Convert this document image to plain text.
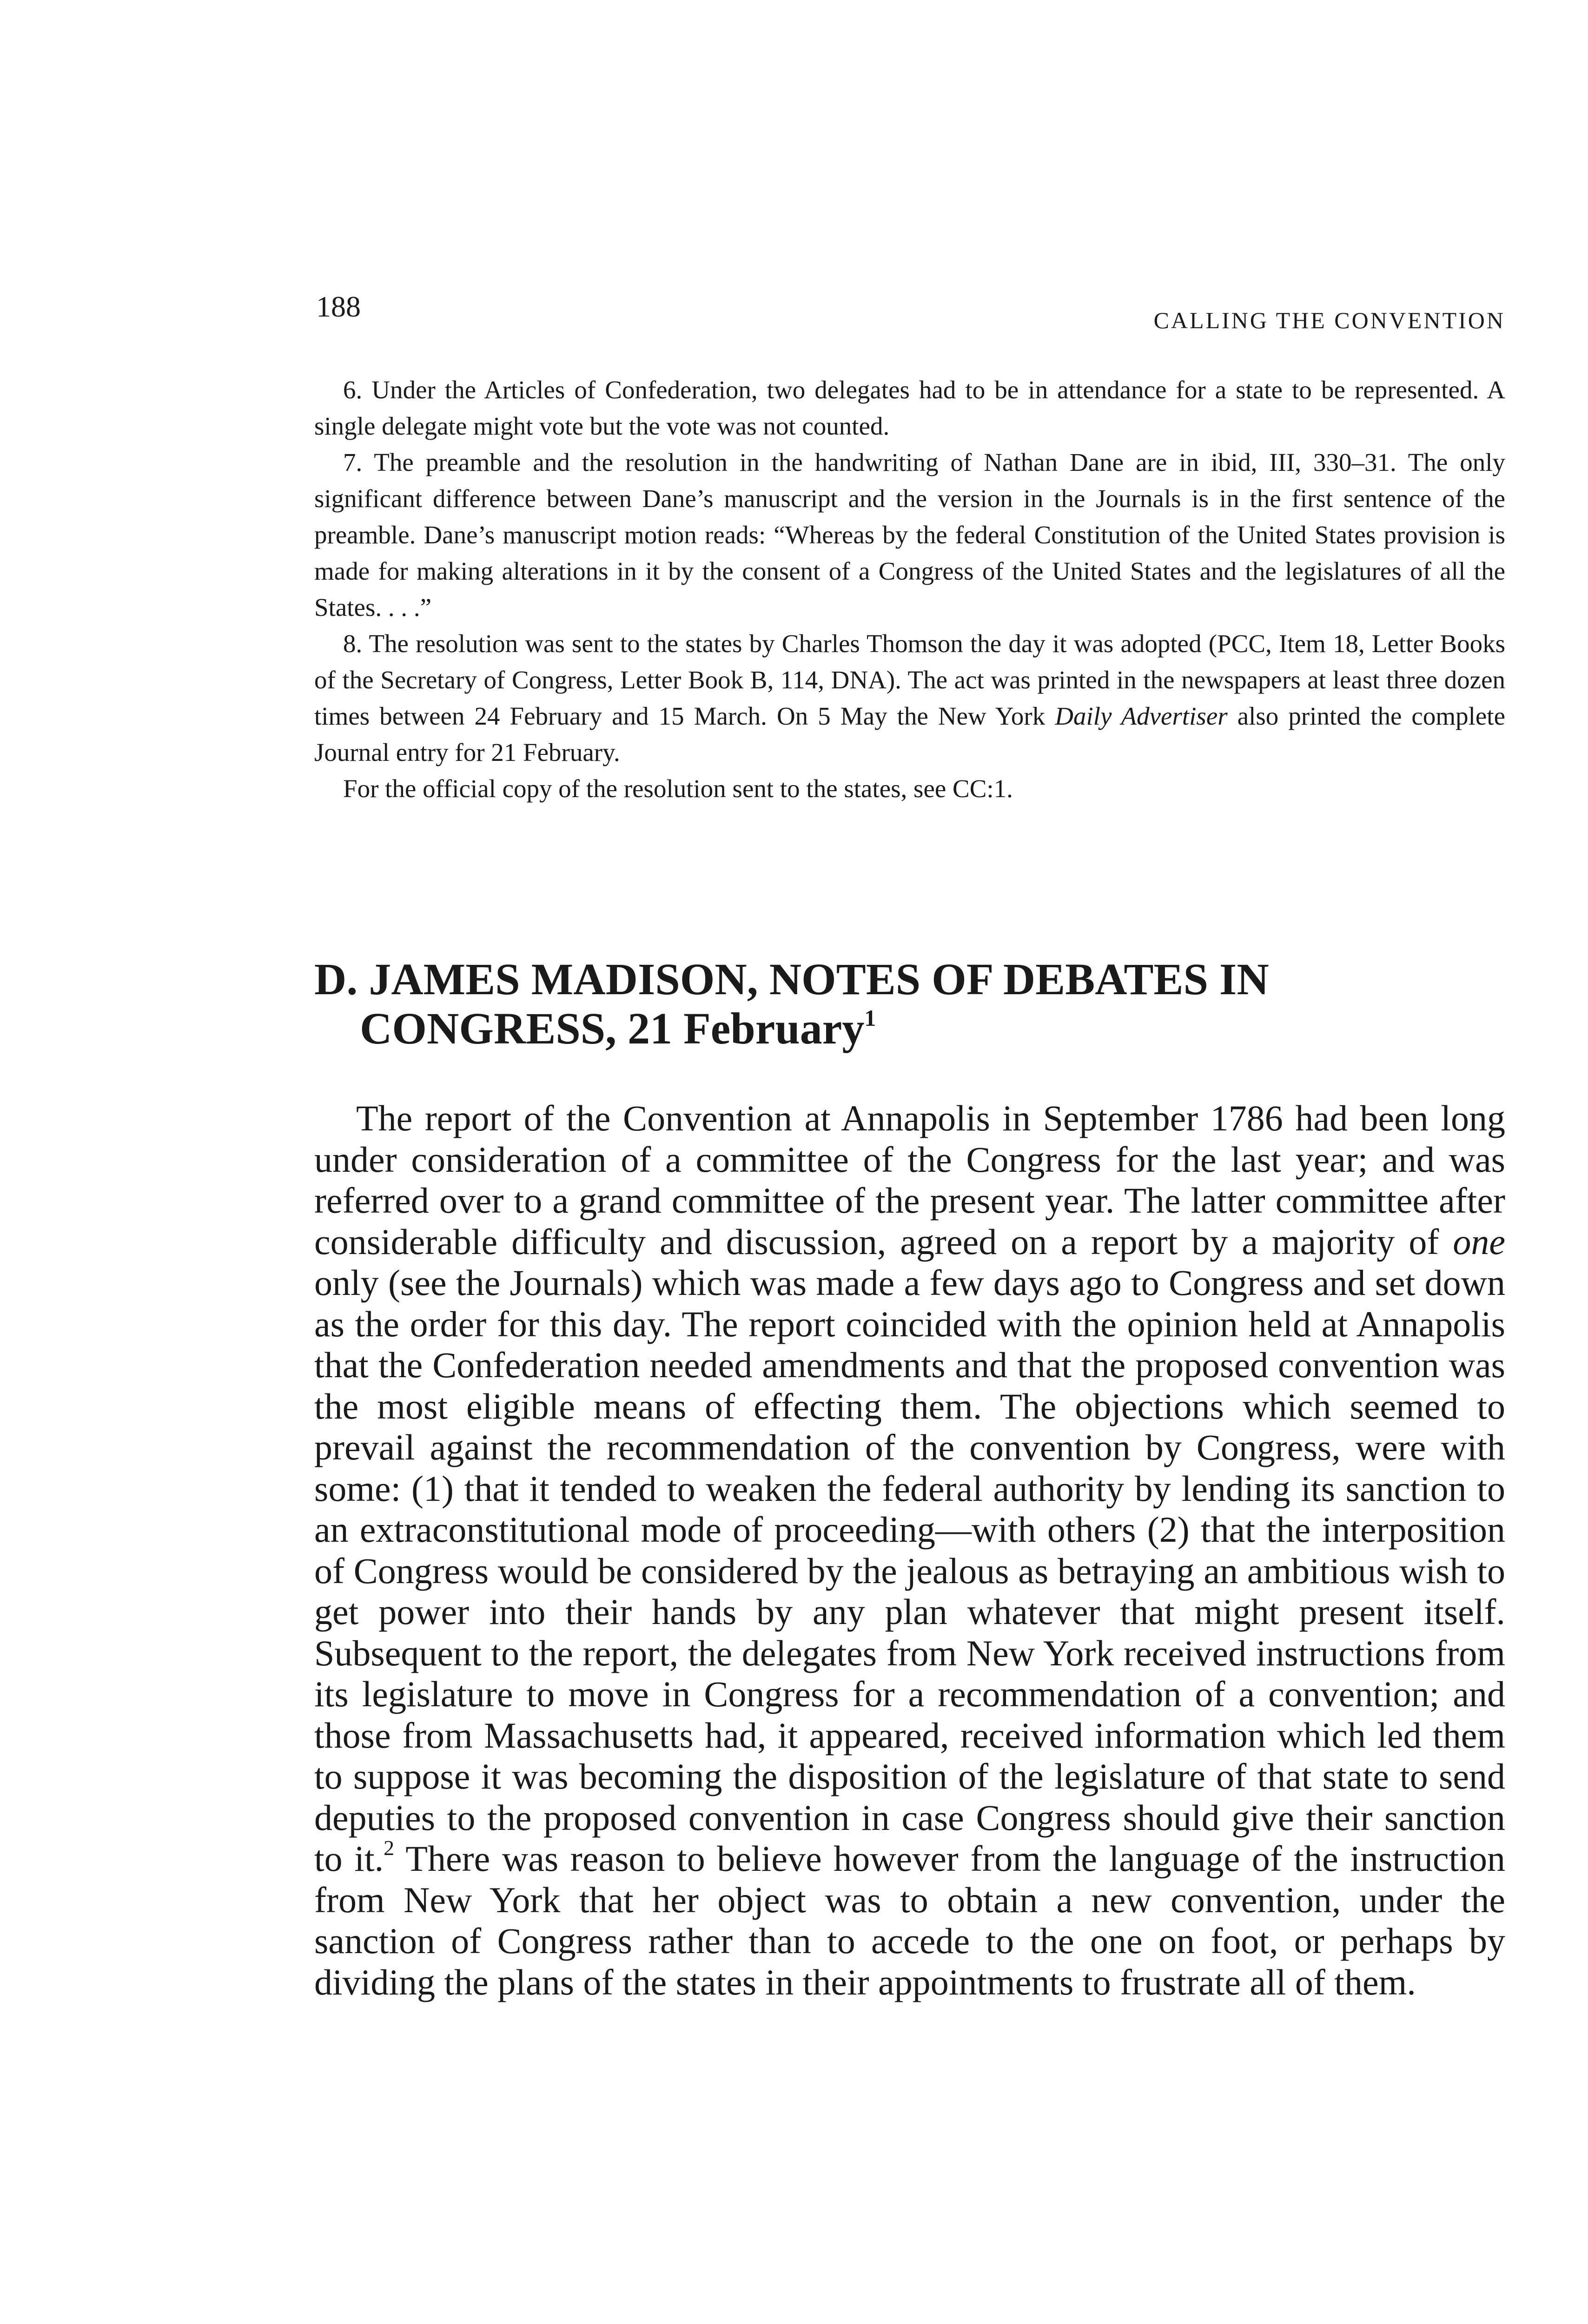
188	CALLING THE CONVENTION

6. Under the Articles of Confederation, two delegates had to be in attendance for a state to be represented. A single delegate might vote but the vote was not counted.

7. The preamble and the resolution in the handwriting of Nathan Dane are in ibid, III, 330–31. The only significant difference between Dane’s manuscript and the version in the Journals is in the first sentence of the preamble. Dane’s manuscript motion reads: “Whereas by the federal Constitution of the United States provision is made for making alterations in it by the consent of a Congress of the United States and the legislatures of all the States. . . .”

8. The resolution was sent to the states by Charles Thomson the day it was adopted (PCC, Item 18, Letter Books of the Secretary of Congress, Letter Book B, 114, DNA). The act was printed in the newspapers at least three dozen times between 24 February and 15 March. On 5 May the New York Daily Advertiser also printed the complete Journal entry for 21 February.

For the official copy of the resolution sent to the states, see CC:1.

D. JAMES MADISON, NOTES OF DEBATES IN
CONGRESS, 21 February$^1$

The report of the Convention at Annapolis in September 1786 had been long under consideration of a committee of the Congress for the last year; and was referred over to a grand committee of the present year. The latter committee after considerable difficulty and discussion, agreed on a report by a majority of one only (see the Journals) which was made a few days ago to Congress and set down as the order for this day. The report coincided with the opinion held at Annapolis that the Confederation needed amendments and that the proposed convention was the most eligible means of effecting them. The objections which seemed to prevail against the recommendation of the convention by Congress, were with some: (1) that it tended to weaken the federal authority by lending its sanction to an extraconstitutional mode of proceeding—with others (2) that the interposition of Congress would be considered by the jealous as betraying an ambitious wish to get power into their hands by any plan whatever that might present itself. Subsequent to the report, the delegates from New York received instructions from its legislature to move in Congress for a recommendation of a convention; and those from Massachusetts had, it appeared, received information which led them to suppose it was becoming the disposition of the legislature of that state to send deputies to the proposed convention in case Congress should give their sanction to it.$^2$ There was reason to believe however from the language of the instruction from New York that her object was to obtain a new convention, under the sanction of Congress rather than to accede to the one on foot, or perhaps by dividing the plans of the states in their appointments to frustrate all of them.
